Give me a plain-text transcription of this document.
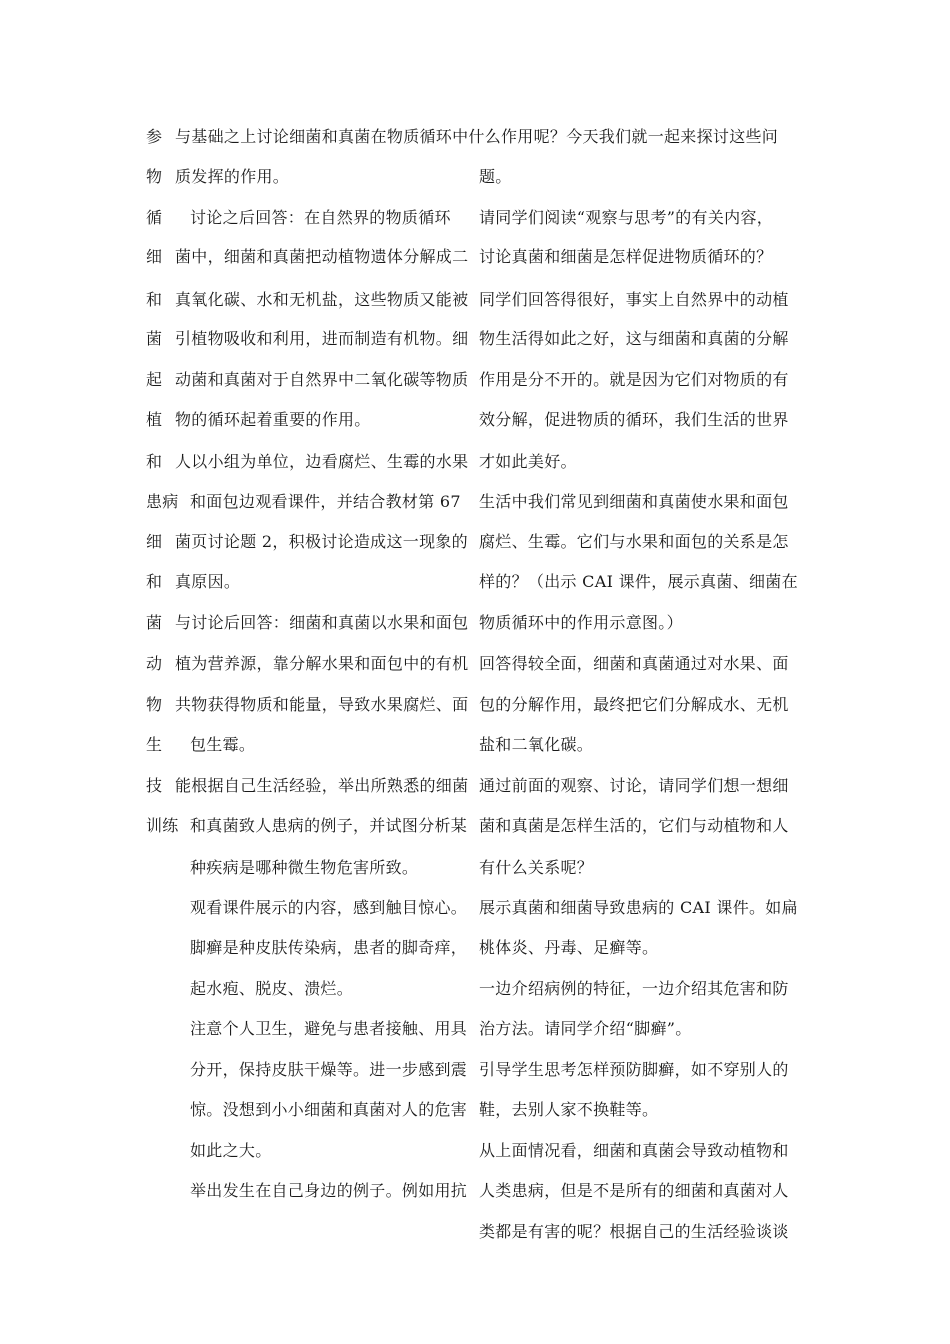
参
物
循
细
和
菌
起
植
和
患病
细
和
菌
动
物
生
技
训练
与基础之上讨论细菌和真菌在物质循环中什么作用呢？今天我们就一起来探讨这些问
质发挥的作用。
讨论之后回答：在自然界的物质循环
菌中，细菌和真菌把动植物遗体分解成二
真氧化碳、水和无机盐，这些物质又能被
引植物吸收和利用，进而制造有机物。细
动菌和真菌对于自然界中二氧化碳等物质
物的循环起着重要的作用。
人以小组为单位，边看腐烂、生霉的水果
和面包边观看课件，并结合教材第 67
菌页讨论题 2，积极讨论造成这一现象的
真原因。
与讨论后回答：细菌和真菌以水果和面包
植为营养源，靠分解水果和面包中的有机
共物获得物质和能量，导致水果腐烂、面
包生霉。
能根据自己生活经验，举出所熟悉的细菌
和真菌致人患病的例子，并试图分析某
种疾病是哪种微生物危害所致。
观看课件展示的内容，感到触目惊心。
脚癣是种皮肤传染病，患者的脚奇痒，
起水疱、脱皮、溃烂。
注意个人卫生，避免与患者接触、用具
分开，保持皮肤干燥等。进一步感到震
惊。没想到小小细菌和真菌对人的危害
如此之大。
举出发生在自己身边的例子。例如用抗
题。
请同学们阅读“观察与思考”的有关内容，
讨论真菌和细菌是怎样促进物质循环的？
同学们回答得很好，事实上自然界中的动植
物生活得如此之好，这与细菌和真菌的分解
作用是分不开的。就是因为它们对物质的有
效分解，促进物质的循环，我们生活的世界
才如此美好。
生活中我们常见到细菌和真菌使水果和面包
腐烂、生霉。它们与水果和面包的关系是怎
样的？（出示 CAI 课件，展示真菌、细菌在
物质循环中的作用示意图。）
回答得较全面，细菌和真菌通过对水果、面
包的分解作用，最终把它们分解成水、无机
盐和二氧化碳。
通过前面的观察、讨论，请同学们想一想细
菌和真菌是怎样生活的，它们与动植物和人
有什么关系呢？
展示真菌和细菌导致患病的 CAI 课件。如扁
桃体炎、丹毒、足癣等。
一边介绍病例的特征，一边介绍其危害和防
治方法。请同学介绍“脚癣”。
引导学生思考怎样预防脚癣，如不穿别人的
鞋，去别人家不换鞋等。
从上面情况看，细菌和真菌会导致动植物和
人类患病，但是不是所有的细菌和真菌对人
类都是有害的呢？根据自己的生活经验谈谈
